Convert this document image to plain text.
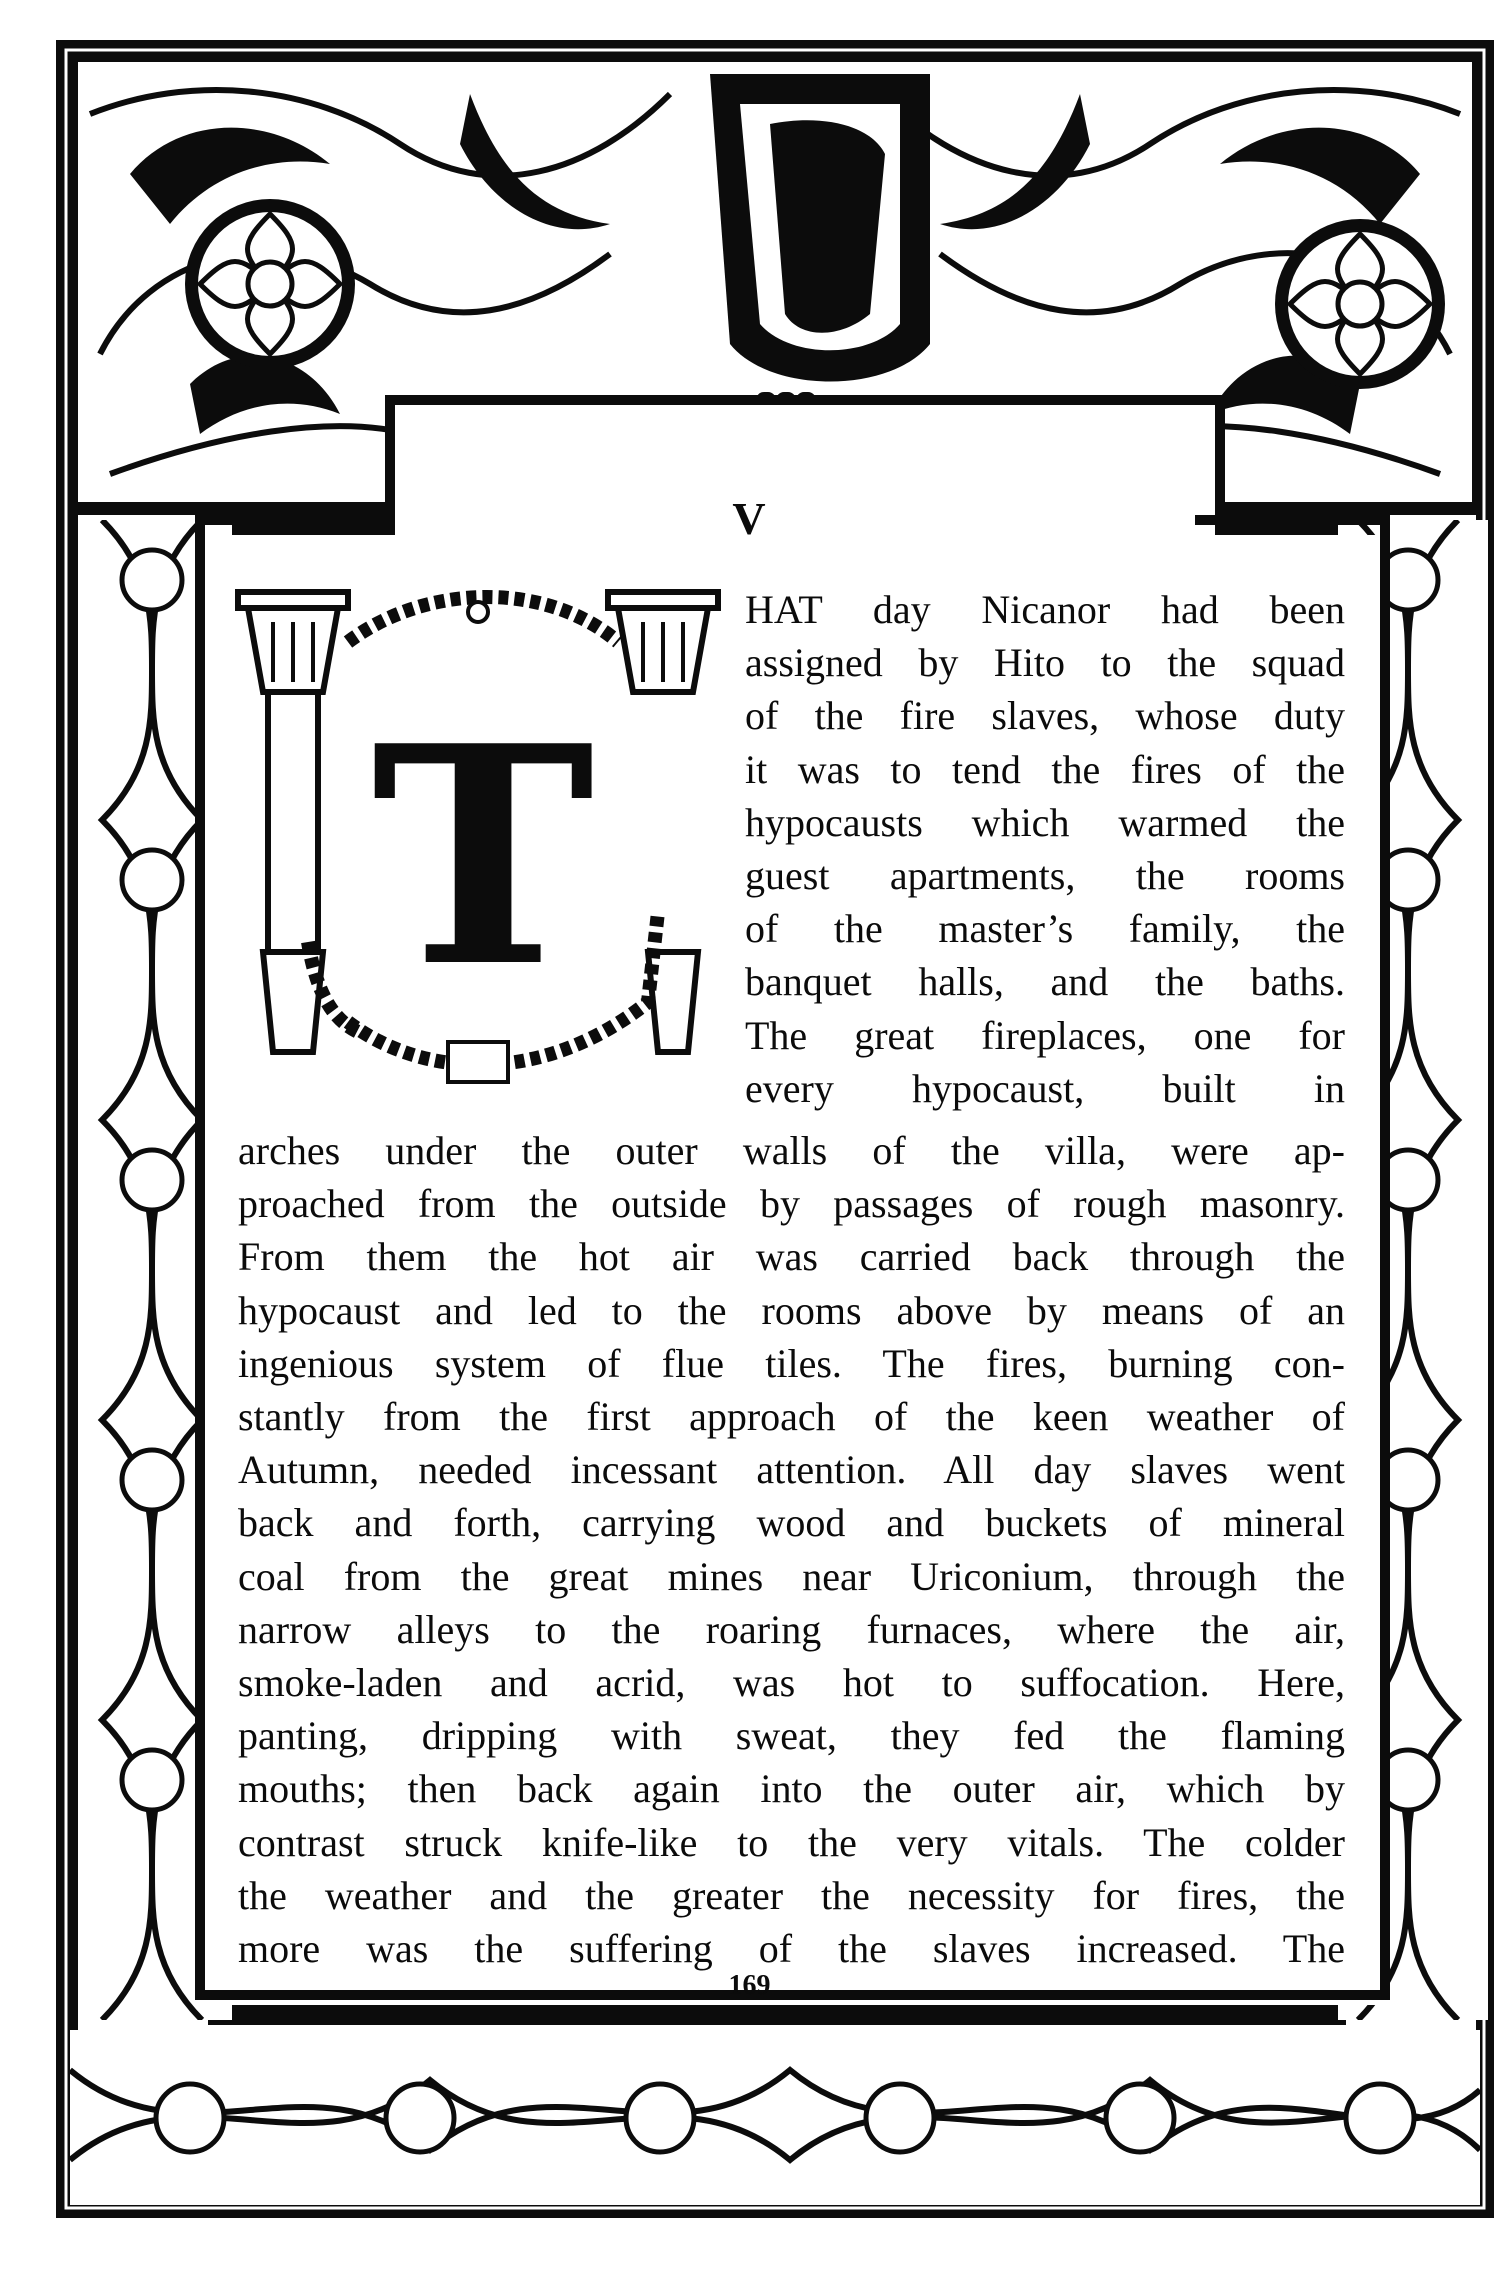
V
T
HAT day Nicanor had been
assigned by Hito to the squad
of the fire slaves, whose duty
it was to tend the fires of the
hypocausts which warmed the
guest apartments, the rooms
of the master’s family, the
banquet halls, and the baths.
The great fireplaces, one for
every hypocaust, built in
arches under the outer walls of the villa, were ap-
proached from the outside by passages of rough masonry.
From them the hot air was carried back through the
hypocaust and led to the rooms above by means of an
ingenious system of flue tiles. The fires, burning con-
stantly from the first approach of the keen weather of
Autumn, needed incessant attention. All day slaves went
back and forth, carrying wood and buckets of mineral
coal from the great mines near Uriconium, through the
narrow alleys to the roaring furnaces, where the air,
smoke-laden and acrid, was hot to suffocation. Here,
panting, dripping with sweat, they fed the flaming
mouths; then back again into the outer air, which by
contrast struck knife-like to the very vitals. The colder
the weather and the greater the necessity for fires, the
more was the suffering of the slaves increased. The
169
